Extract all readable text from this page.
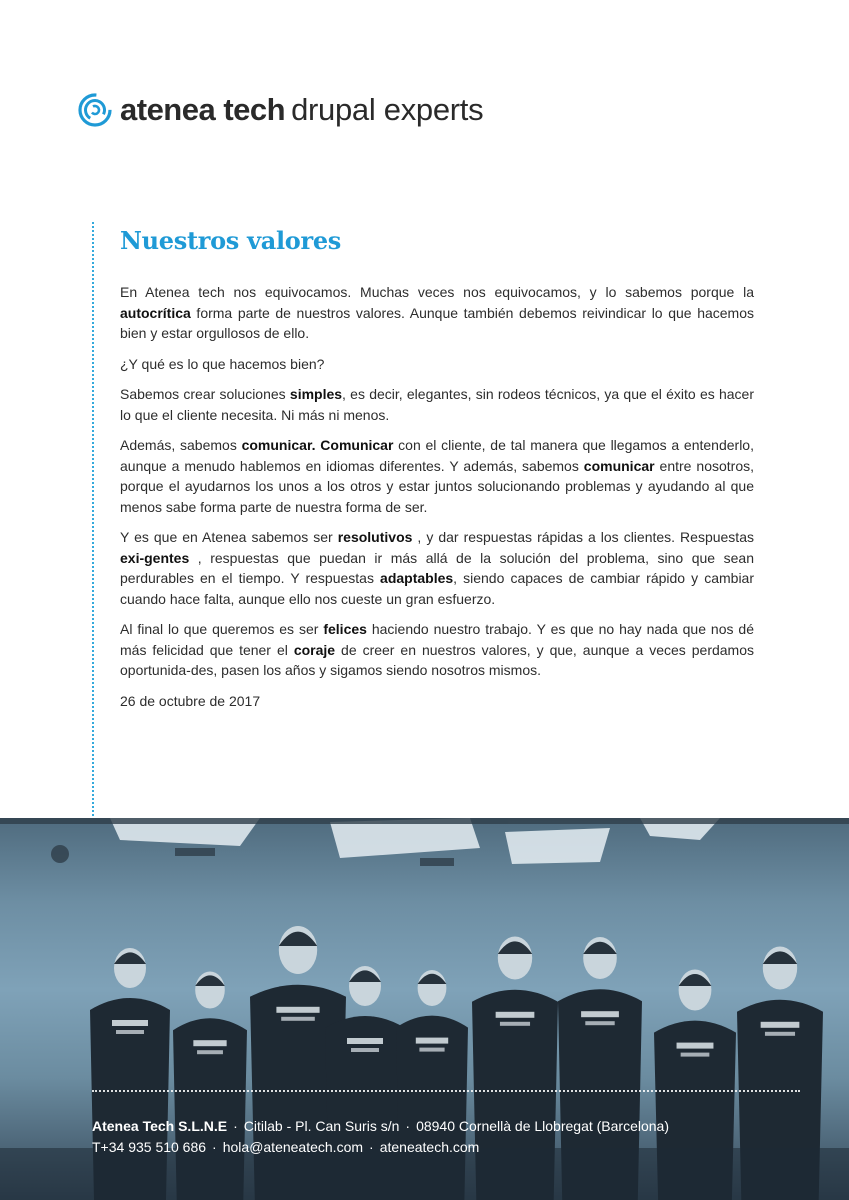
atenea tech drupal experts
Nuestros valores

En Atenea tech nos equivocamos. Muchas veces nos equivocamos, y lo sabemos porque la autocrítica forma parte de nuestros valores. Aunque también debemos reivindicar lo que hacemos bien y estar orgullosos de ello.

¿Y qué es lo que hacemos bien?

Sabemos crear soluciones simples, es decir, elegantes, sin rodeos técnicos, ya que el éxito es hacer lo que el cliente necesita. Ni más ni menos.

Además, sabemos comunicar. Comunicar con el cliente, de tal manera que llegamos a entenderlo, aunque a menudo hablemos en idiomas diferentes. Y además, sabemos comunicar entre nosotros, porque el ayudarnos los unos a los otros y estar juntos solucionando problemas y ayudando al que menos sabe forma parte de nuestra forma de ser.

Y es que en Atenea sabemos ser resolutivos , y dar respuestas rápidas a los clientes. Respuestas exi-gentes , respuestas que puedan ir más allá de la solución del problema, sino que sean perdurables en el tiempo. Y respuestas adaptables, siendo capaces de cambiar rápido y cambiar cuando hace falta, aunque ello nos cueste un gran esfuerzo.

Al final lo que queremos es ser felices haciendo nuestro trabajo. Y es que no hay nada que nos dé más felicidad que tener el coraje de creer en nuestros valores, y que, aunque a veces perdamos oportunida-des, pasen los años y sigamos siendo nosotros mismos.

26 de octubre de 2017
Atenea Tech S.L.N.E · Citilab - Pl. Can Suris s/n · 08940 Cornellà de Llobregat (Barcelona)
T+34 935 510 686 · hola@ateneatech.com · ateneatech.com
